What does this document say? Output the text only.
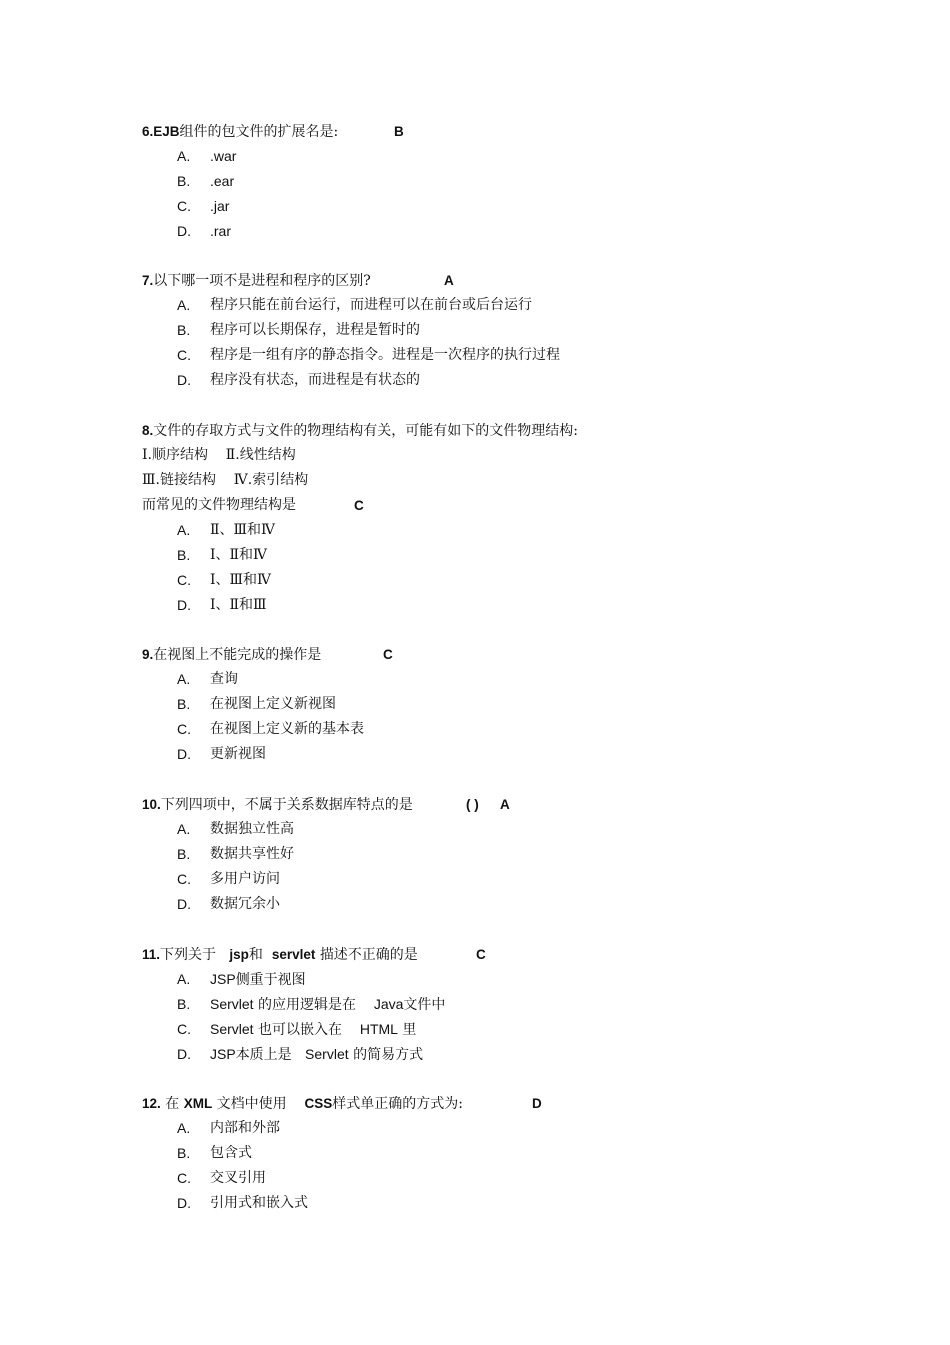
6.EJB组件的包文件的扩展名是:	B
A. .war
B. .ear
C. .jar
D. .rar
7.以下哪一项不是进程和程序的区别?	A
A. 程序只能在前台运行，而进程可以在前台或后台运行
B. 程序可以长期保存，进程是暂时的
C. 程序是一组有序的静态指令。进程是一次程序的执行过程
D. 程序没有状态，而进程是有状态的
8.文件的存取方式与文件的物理结构有关，可能有如下的文件物理结构:
Ⅰ.顺序结构    Ⅱ.线性结构
Ⅲ.链接结构    Ⅳ.索引结构
而常见的文件物理结构是	C
A. Ⅱ、Ⅲ和Ⅳ
B. Ⅰ、Ⅱ和Ⅳ
C. Ⅰ、Ⅲ和Ⅳ
D. Ⅰ、Ⅱ和Ⅲ
9.在视图上不能完成的操作是	C
A. 查询
B. 在视图上定义新视图
C. 在视图上定义新的基本表
D. 更新视图
10.下列四项中，不属于关系数据库特点的是	( ) A
A. 数据独立性高
B. 数据共享性好
C. 多用户访问
D. 数据冗余小
11.下列关于 jsp和 servlet 描述不正确的是	C
A. JSP侧重于视图
B. Servlet 的应用逻辑是在 Java文件中
C. Servlet 也可以嵌入在 HTML 里
D. JSP本质上是 Servlet 的简易方式
12. 在 XML 文档中使用 CSS样式单正确的方式为:	D
A. 内部和外部
B. 包含式
C. 交叉引用
D. 引用式和嵌入式
